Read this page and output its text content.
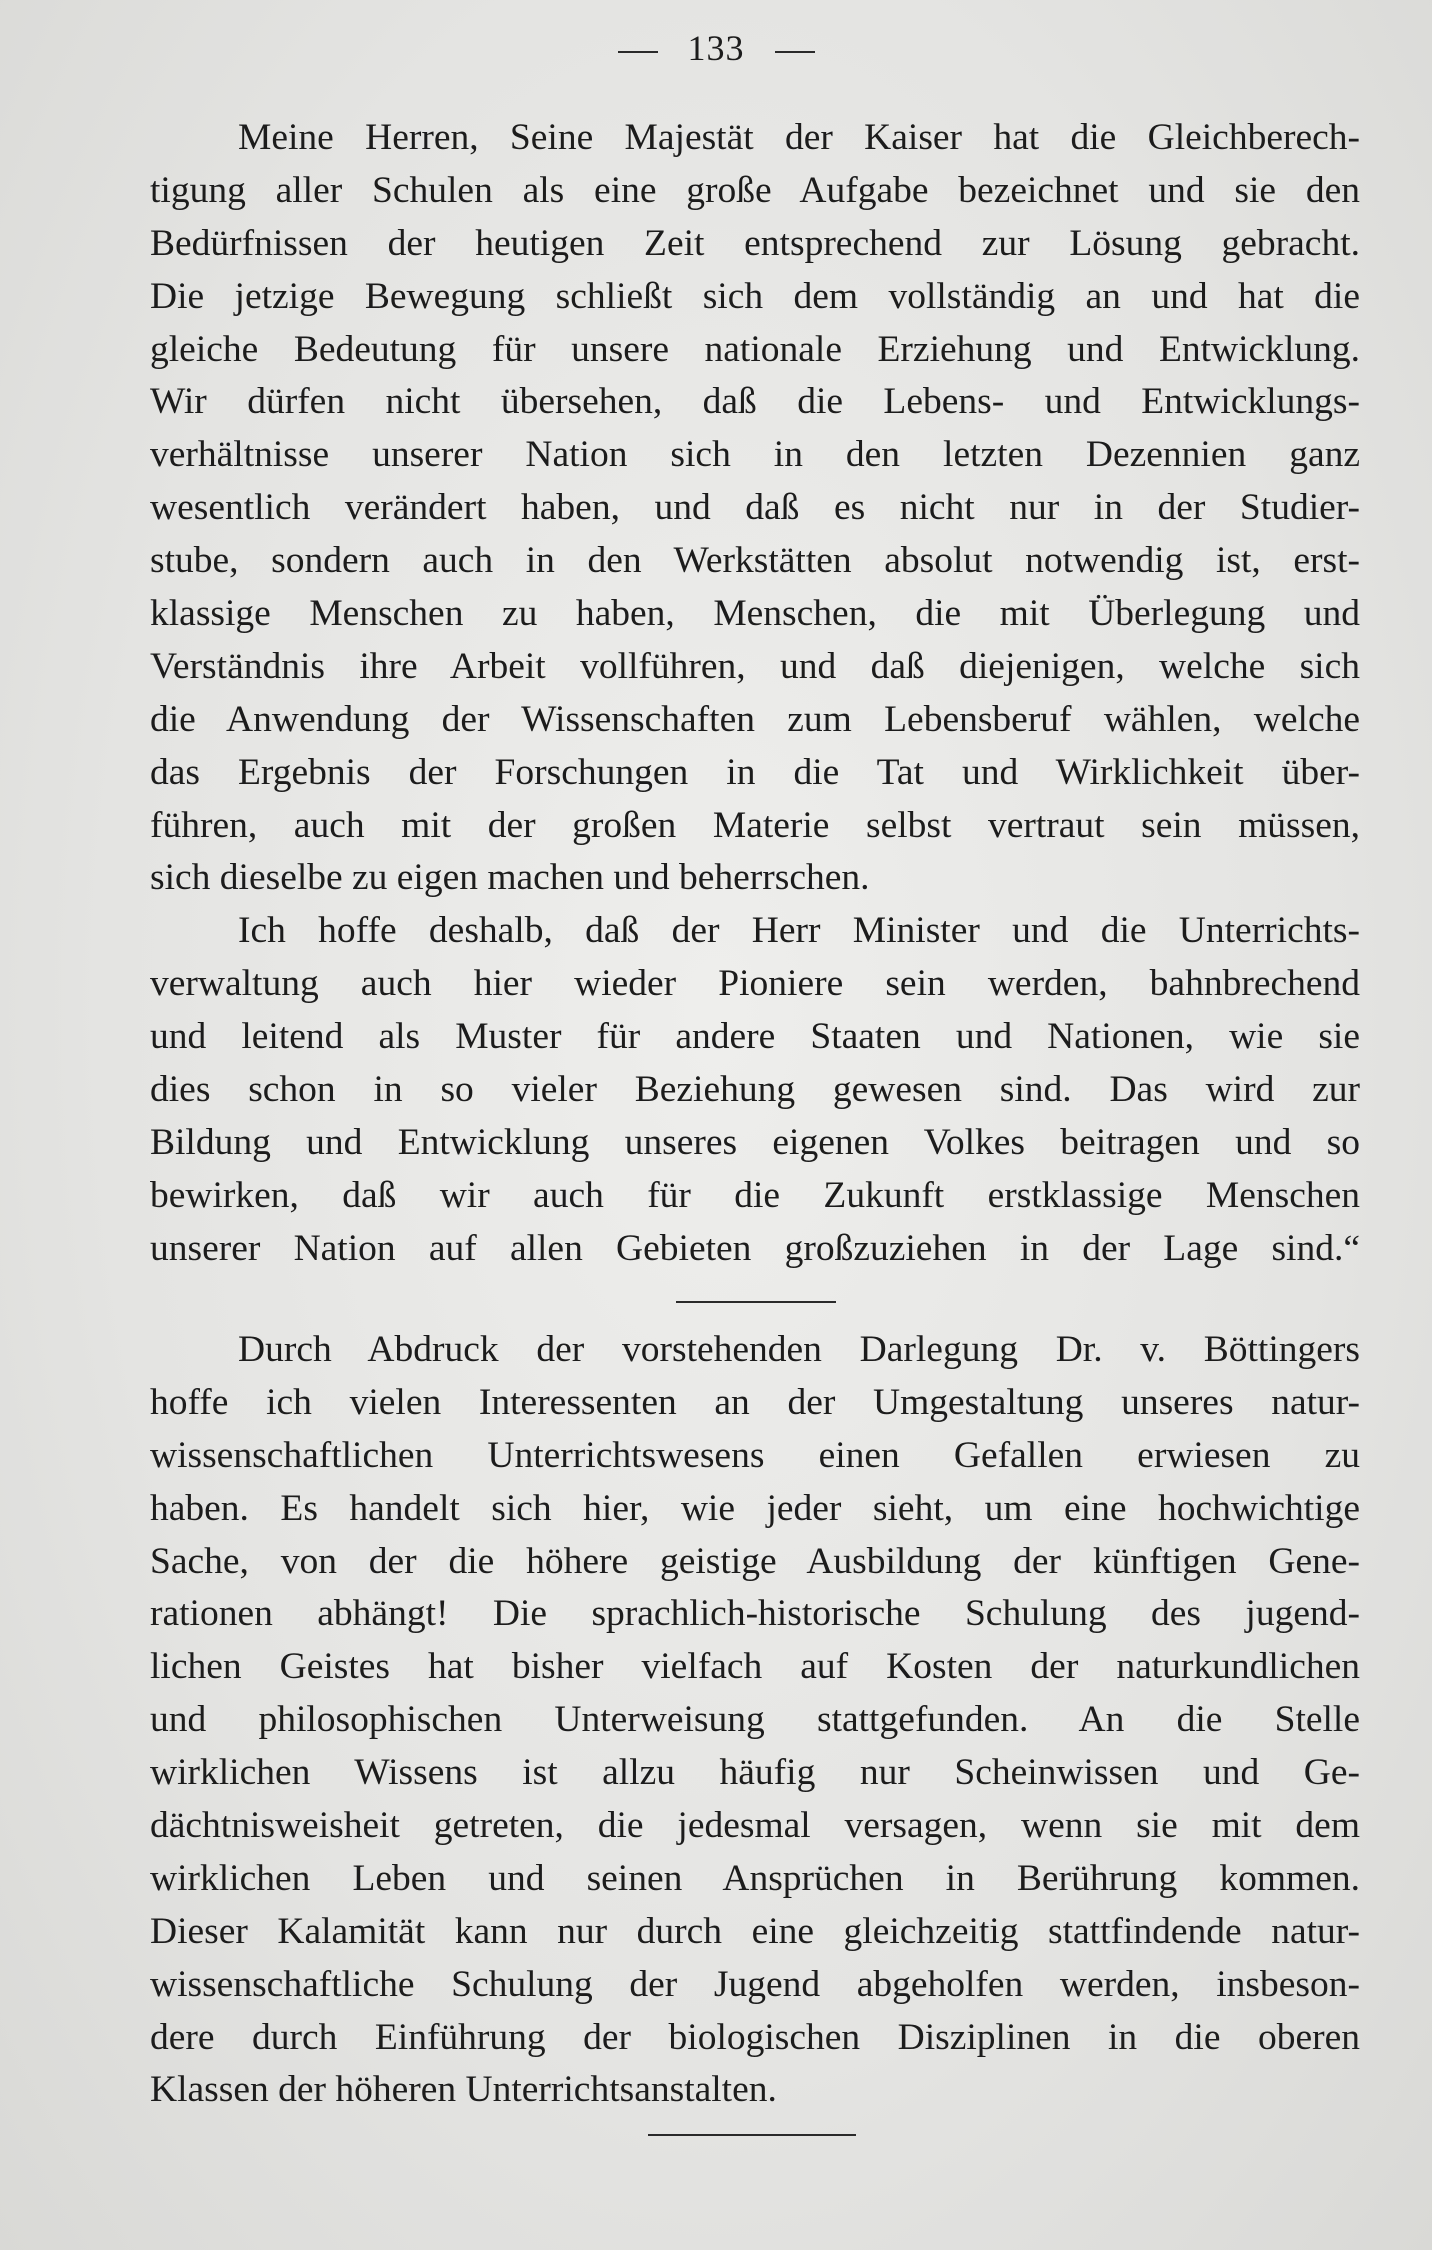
133
Meine Herren, Seine Majestät der Kaiser hat die Gleichberech-
tigung aller Schulen als eine große Aufgabe bezeichnet und sie den
Bedürfnissen der heutigen Zeit entsprechend zur Lösung gebracht.
Die jetzige Bewegung schließt sich dem vollständig an und hat die
gleiche Bedeutung für unsere nationale Erziehung und Entwicklung.
Wir dürfen nicht übersehen, daß die Lebens- und Entwicklungs-
verhältnisse unserer Nation sich in den letzten Dezennien ganz
wesentlich verändert haben, und daß es nicht nur in der Studier-
stube, sondern auch in den Werkstätten absolut notwendig ist, erst-
klassige Menschen zu haben, Menschen, die mit Überlegung und
Verständnis ihre Arbeit vollführen, und daß diejenigen, welche sich
die Anwendung der Wissenschaften zum Lebensberuf wählen, welche
das Ergebnis der Forschungen in die Tat und Wirklichkeit über-
führen, auch mit der großen Materie selbst vertraut sein müssen,
sich dieselbe zu eigen machen und beherrschen.
Ich hoffe deshalb, daß der Herr Minister und die Unterrichts-
verwaltung auch hier wieder Pioniere sein werden, bahnbrechend
und leitend als Muster für andere Staaten und Nationen, wie sie
dies schon in so vieler Beziehung gewesen sind. Das wird zur
Bildung und Entwicklung unseres eigenen Volkes beitragen und so
bewirken, daß wir auch für die Zukunft erstklassige Menschen
unserer Nation auf allen Gebieten großzuziehen in der Lage sind.“
Durch Abdruck der vorstehenden Darlegung Dr. v. Böttingers
hoffe ich vielen Interessenten an der Umgestaltung unseres natur-
wissenschaftlichen Unterrichtswesens einen Gefallen erwiesen zu
haben. Es handelt sich hier, wie jeder sieht, um eine hochwichtige
Sache, von der die höhere geistige Ausbildung der künftigen Gene-
rationen abhängt! Die sprachlich-historische Schulung des jugend-
lichen Geistes hat bisher vielfach auf Kosten der naturkundlichen
und philosophischen Unterweisung stattgefunden. An die Stelle
wirklichen Wissens ist allzu häufig nur Scheinwissen und Ge-
dächtnisweisheit getreten, die jedesmal versagen, wenn sie mit dem
wirklichen Leben und seinen Ansprüchen in Berührung kommen.
Dieser Kalamität kann nur durch eine gleichzeitig stattfindende natur-
wissenschaftliche Schulung der Jugend abgeholfen werden, insbeson-
dere durch Einführung der biologischen Disziplinen in die oberen
Klassen der höheren Unterrichtsanstalten.
